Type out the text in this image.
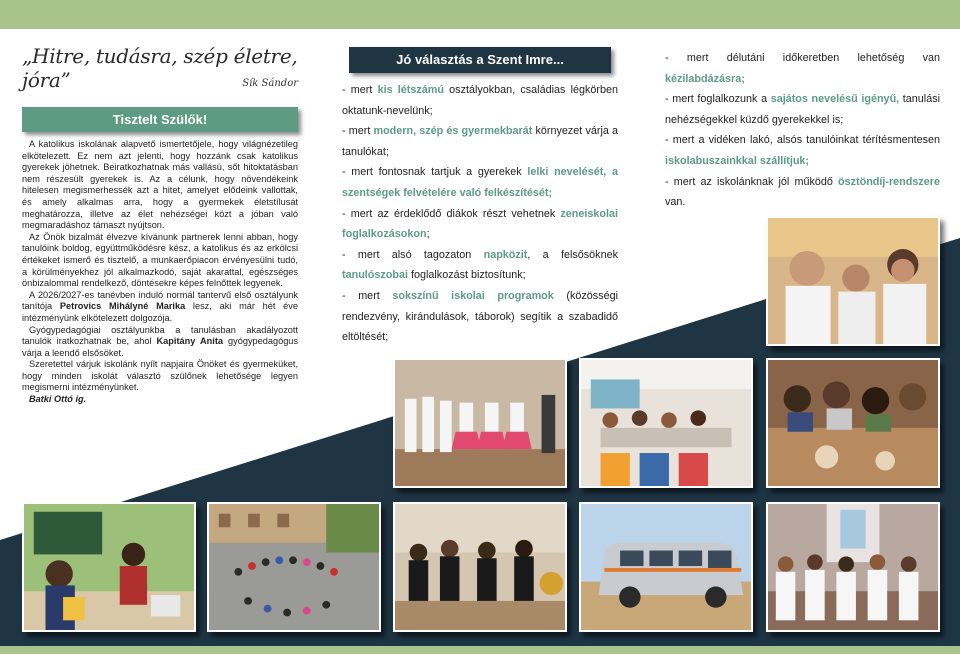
„Hitre, tudásra, szép életre, jóra”	Sík Sándor
Tisztelt Szülők!

A katolikus iskolának alapvető ismertetőjele, hogy világnézetileg elkötelezett. Ez nem azt jelenti, hogy hozzánk csak katolikus gyerekek jöhetnek. Beiratkozhatnak más vallású, sőt hitoktatásban nem részesült gyerekek is. Az a célunk, hogy növendékeink hitelesen megismerhessék azt a hitet, amelyet elődeink vallottak, és amely alkalmas arra, hogy a gyermekek életstílusát meghatározza, illetve az élet nehézségei közt a jóban való megmaradáshoz támaszt nyújtson.

Az Önök bizalmát élvezve kívánunk partnerek lenni abban, hogy tanulóink boldog, együttműködésre kész, a katolikus és az erkölcsi értékeket ismerő és tisztelő, a munkaerőpiacon érvényesülni tudó, a körülményekhez jól alkalmazkodó, saját akarattal, egészséges önbizalommal rendelkező, döntésekre képes felnőttek legyenek.

A 2026/2027-es tanévben induló normál tantervű első osztályunk tanítója Petrovics Mihályné Marika lesz, aki már hét éve intézményünk elkötelezett dolgozója.

Gyógypedagógiai osztályunkba a tanulásban akadályozott tanulók iratkozhatnak be, ahol Kapitány Anita gyógypedagógus várja a leendő elsősöket.

Szeretettel várjuk iskolánk nyílt napjaira Önöket és gyermeküket, hogy minden iskolát választó szülőnek lehetősége legyen megismerni intézményünket.

Batki Ottó ig.

Jó választás a Szent Imre...
- mert kis létszámú osztályokban, családias légkörben oktatunk-nevelünk;
- mert modern, szép és gyermekbarát környezet várja a tanulókat;
- mert fontosnak tartjuk a gyerekek lelki nevelését, a szentségek felvételére való felkészítését;
- mert az érdeklődő diákok részt vehetnek zeneiskolai foglalkozásokon;
- mert alsó tagozaton napközit, a felsősöknek tanulószobai foglalkozást biztosítunk;
- mert sokszínű iskolai programok (közösségi rendezvény, kirándulások, táborok) segítik a szabadidő eltöltését;
- mert délutáni időkeretben lehetőség van kézilabdázásra;
- mert foglalkozunk a sajátos nevelésű igényű, tanulási nehézségekkel küzdő gyerekekkel is;
- mert a vidéken lakó, alsós tanulóinkat térítésmentesen iskolabuszainkkal szállítjuk;
- mert az iskolánknak jól működő ösztöndíj-rendszere van.
